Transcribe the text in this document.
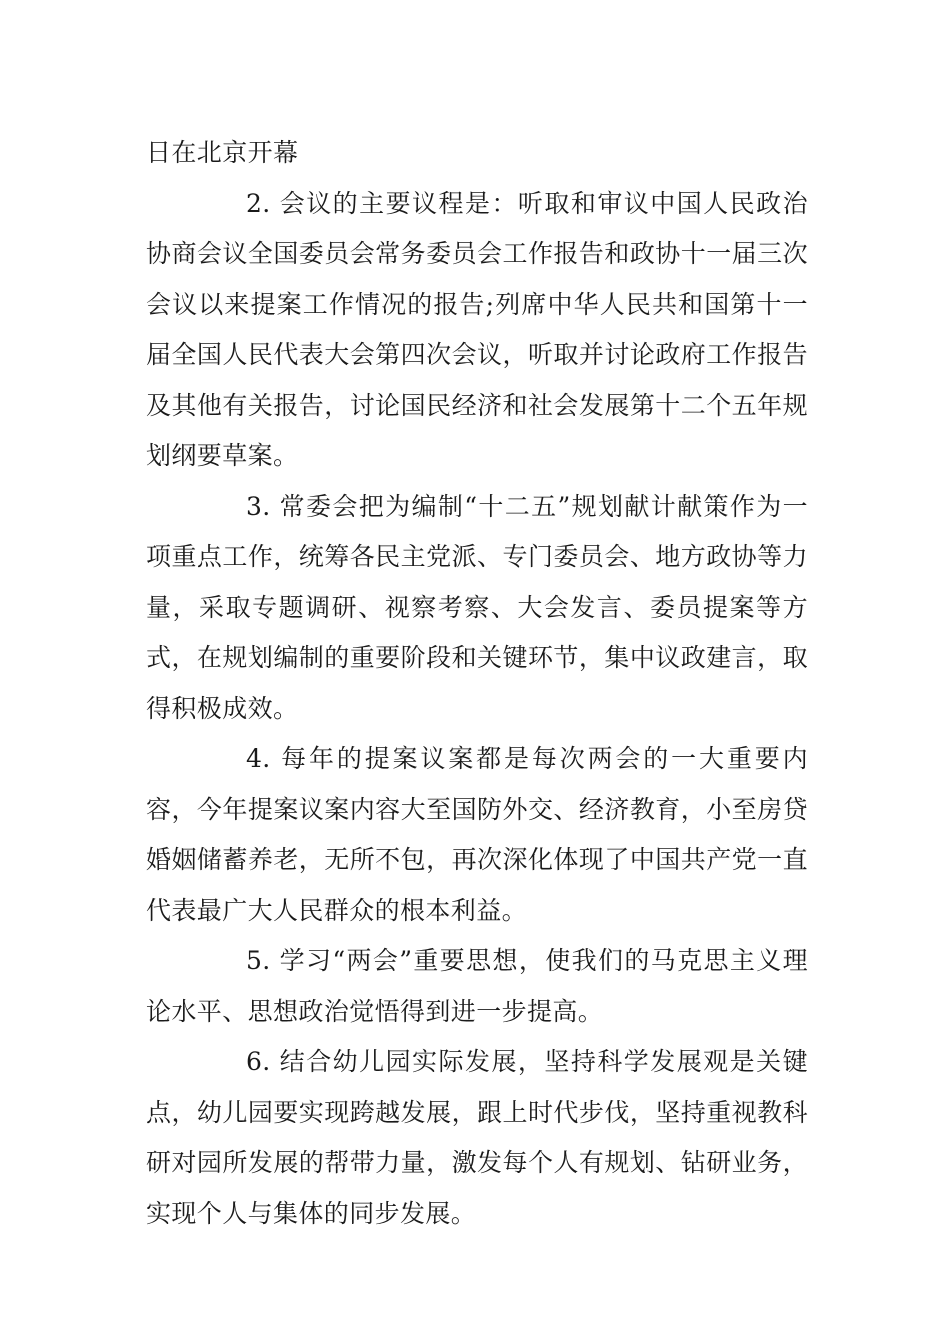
日在北京开幕

2. 会议的主要议程是：听取和审议中国人民政治协商会议全国委员会常务委员会工作报告和政协十一届三次会议以来提案工作情况的报告;列席中华人民共和国第十一届全国人民代表大会第四次会议，听取并讨论政府工作报告及其他有关报告，讨论国民经济和社会发展第十二个五年规划纲要草案。

3. 常委会把为编制“十二五”规划献计献策作为一项重点工作，统筹各民主党派、专门委员会、地方政协等力量，采取专题调研、视察考察、大会发言、委员提案等方式，在规划编制的重要阶段和关键环节，集中议政建言，取得积极成效。

4. 每年的提案议案都是每次两会的一大重要内容，今年提案议案内容大至国防外交、经济教育，小至房贷婚姻储蓄养老，无所不包，再次深化体现了中国共产党一直代表最广大人民群众的根本利益。

5. 学习“两会”重要思想，使我们的马克思主义理论水平、思想政治觉悟得到进一步提高。

6. 结合幼儿园实际发展，坚持科学发展观是关键点，幼儿园要实现跨越发展，跟上时代步伐，坚持重视教科研对园所发展的帮带力量，激发每个人有规划、钻研业务，实现个人与集体的同步发展。
